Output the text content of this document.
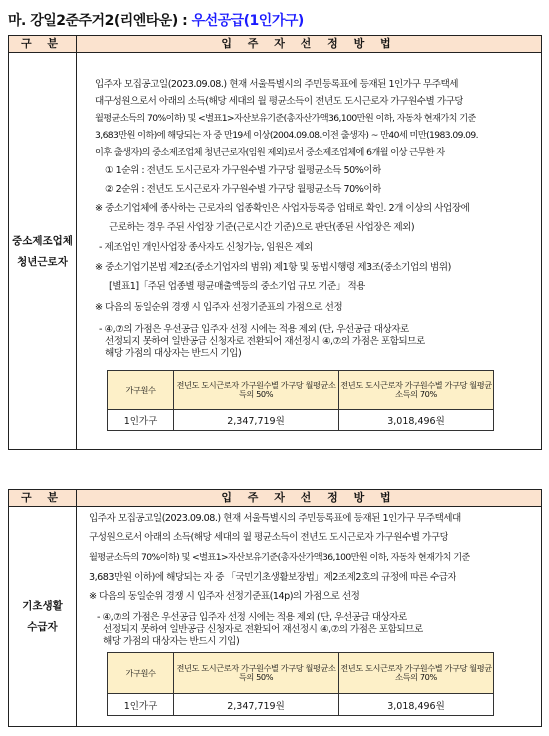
마. 강일2준주거2(리엔타운) : 우선공급(1인가구)
구 분	입 주 자 선 정 방 법
중소제조업체
청년근로자
입주자 모집공고일(2023.09.08.) 현재 서울특별시의 주민등록표에 등재된 1인가구 무주택세
대구성원으로서 아래의 소득(해당 세대의 월 평균소득이 전년도 도시근로자 가구원수별 가구당
월평균소득의 70%이하) 및 <별표1>자산보유기준(총자산가액36,100만원 이하, 자동차 현재가치 기준
3,683만원 이하)에 해당되는 자 중 만19세 이상(2004.09.08.이전 출생자) ~ 만40세 미만(1983.09.09.
이후 출생자)의 중소제조업체 청년근로자(임원 제외)로서 중소제조업체에 6개월 이상 근무한 자
① 1순위 : 전년도 도시근로자 가구원수별 가구당 월평균소득 50%이하
② 2순위 : 전년도 도시근로자 가구원수별 가구당 월평균소득 70%이하
※ 중소기업체에 종사하는 근로자의 업종확인은 사업자등록증 업태로 확인. 2개 이상의 사업장에
근로하는 경우 주된 사업장 기준(근로시간 기준)으로 판단(종된 사업장은 제외)
- 제조업인 개인사업장 종사자도 신청가능, 임원은 제외
※ 중소기업기본법 제2조(중소기업자의 범위) 제1항 및 동법시행령 제3조(중소기업의 범위)
[별표1]「주된 업종별 평균매출액등의 중소기업 규모 기준」 적용
※ 다음의 동일순위 경쟁 시 입주자 선정기준표의 가점으로 선정
- ④,⑦의 가점은 우선공급 입주자 선정 시에는 적용 제외 (단, 우선공급 대상자로
선정되지 못하여 일반공급 신청자로 전환되어 재선정시 ④,⑦의 가점은 포함되므로
해당 가점의 대상자는 반드시 기입)
가구원수	전년도 도시근로자 가구원수별 가구당 월평균소득의 50%	전년도 도시근로자 가구원수별 가구당 월평균소득의 70%
1인가구	2,347,719원	3,018,496원
구 분	입 주 자 선 정 방 법
기초생활
수급자
입주자 모집공고일(2023.09.08.) 현재 서울특별시의 주민등록표에 등재된 1인가구 무주택세대
구성원으로서 아래의 소득(해당 세대의 월 평균소득이 전년도 도시근로자 가구원수별 가구당
월평균소득의 70%이하) 및 <별표1>자산보유기준(총자산가액36,100만원 이하, 자동차 현재가치 기준
3,683만원 이하)에 해당되는 자 중 「국민기초생활보장법」제2조제2호의 규정에 따른 수급자
※ 다음의 동일순위 경쟁 시 입주자 선정기준표(14p)의 가점으로 선정
- ④,⑦의 가점은 우선공급 입주자 선정 시에는 적용 제외 (단, 우선공급 대상자로
선정되지 못하여 일반공급 신청자로 전환되어 재선정시 ④,⑦의 가점은 포함되므로
해당 가점의 대상자는 반드시 기입)
가구원수	전년도 도시근로자 가구원수별 가구당 월평균소득의 50%	전년도 도시근로자 가구원수별 가구당 월평균소득의 70%
1인가구	2,347,719원	3,018,496원
